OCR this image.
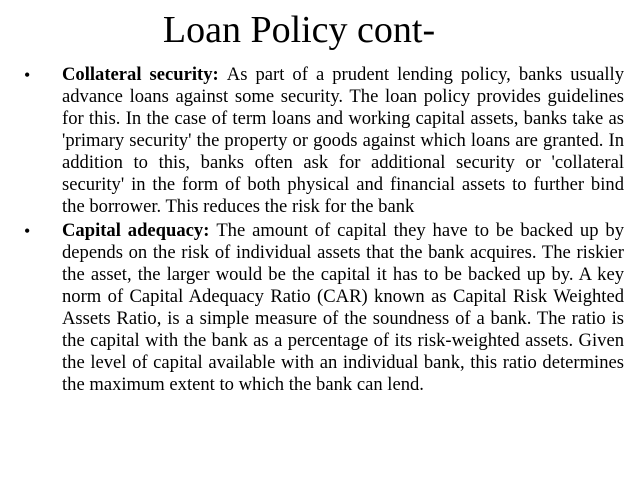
Loan Policy cont-
• Collateral security: As part of a prudent lending policy, banks usually advance loans against some security. The loan policy provides guidelines for this. In the case of term loans and working capital assets, banks take as 'primary security' the property or goods against which loans are granted. In addition to this, banks often ask for additional security or 'collateral security' in the form of both physical and financial assets to further bind the borrower. This reduces the risk for the bank
• Capital adequacy: The amount of capital they have to be backed up by depends on the risk of individual assets that the bank acquires. The riskier the asset, the larger would be the capital it has to be backed up by. A key norm of Capital Adequacy Ratio (CAR) known as Capital Risk Weighted Assets Ratio, is a simple measure of the soundness of a bank. The ratio is the capital with the bank as a percentage of its risk-weighted assets. Given the level of capital available with an individual bank, this ratio determines the maximum extent to which the bank can lend.
